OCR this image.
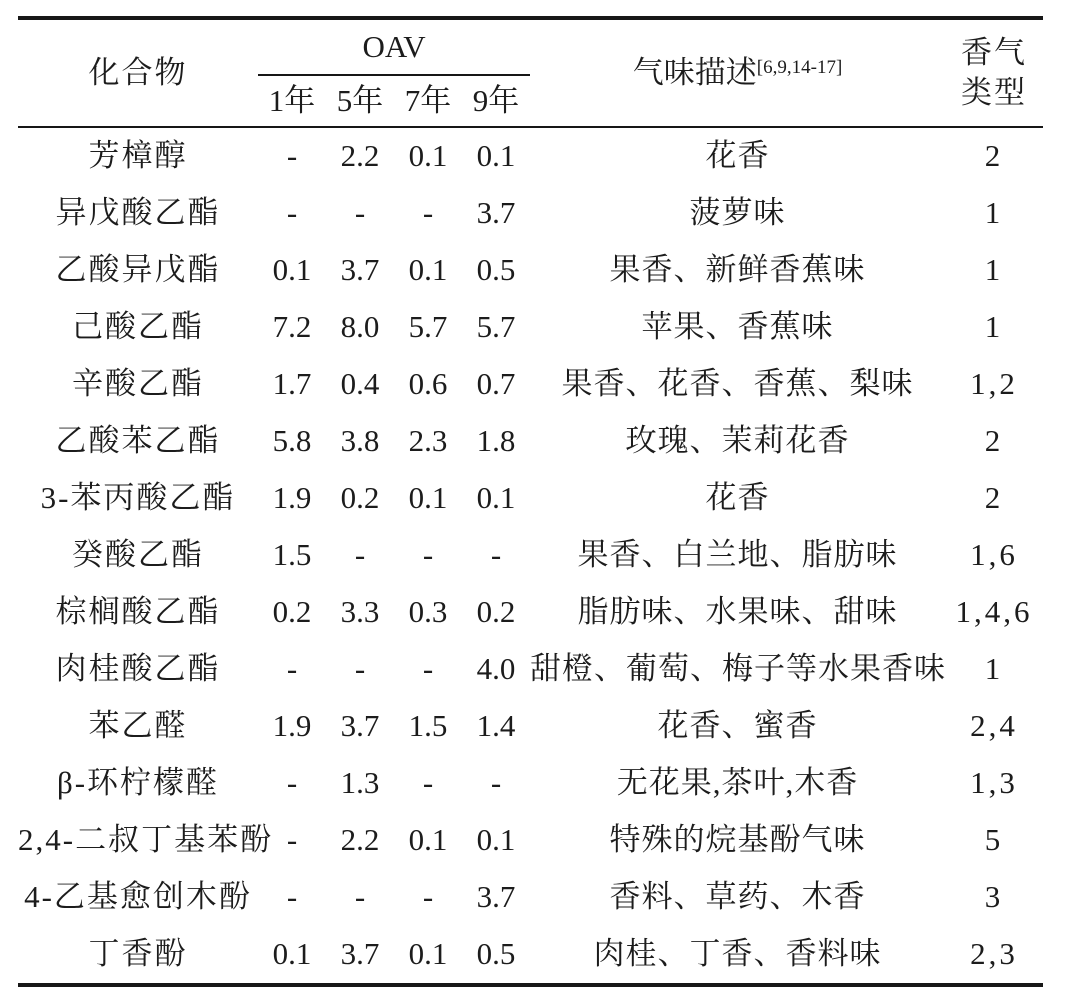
化合物	OAV				气味描述[6,9,14-17]	香气
类型

	1年	5年	7年	9年		
芳樟醇	-	2.2	0.1	0.1	花香	2
异戊酸乙酯	-	-	-	3.7	菠萝味	1
乙酸异戊酯	0.1	3.7	0.1	0.5	果香、新鲜香蕉味	1
己酸乙酯	7.2	8.0	5.7	5.7	苹果、香蕉味	1
辛酸乙酯	1.7	0.4	0.6	0.7	果香、花香、香蕉、梨味	1,2
乙酸苯乙酯	5.8	3.8	2.3	1.8	玫瑰、茉莉花香	2
3-苯丙酸乙酯	1.9	0.2	0.1	0.1	花香	2
癸酸乙酯	1.5	-	-	-	果香、白兰地、脂肪味	1,6
棕榈酸乙酯	0.2	3.3	0.3	0.2	脂肪味、水果味、甜味	1,4,6
肉桂酸乙酯	-	-	-	4.0	甜橙、葡萄、梅子等水果香味	1
苯乙醛	1.9	3.7	1.5	1.4	花香、蜜香	2,4
β-环柠檬醛	-	1.3	-	-	无花果,茶叶,木香	1,3
2,4-二叔丁基苯酚	-	2.2	0.1	0.1	特殊的烷基酚气味	5
4-乙基愈创木酚	-	-	-	3.7	香料、草药、木香	3
丁香酚	0.1	3.7	0.1	0.5	肉桂、丁香、香料味	2,3
